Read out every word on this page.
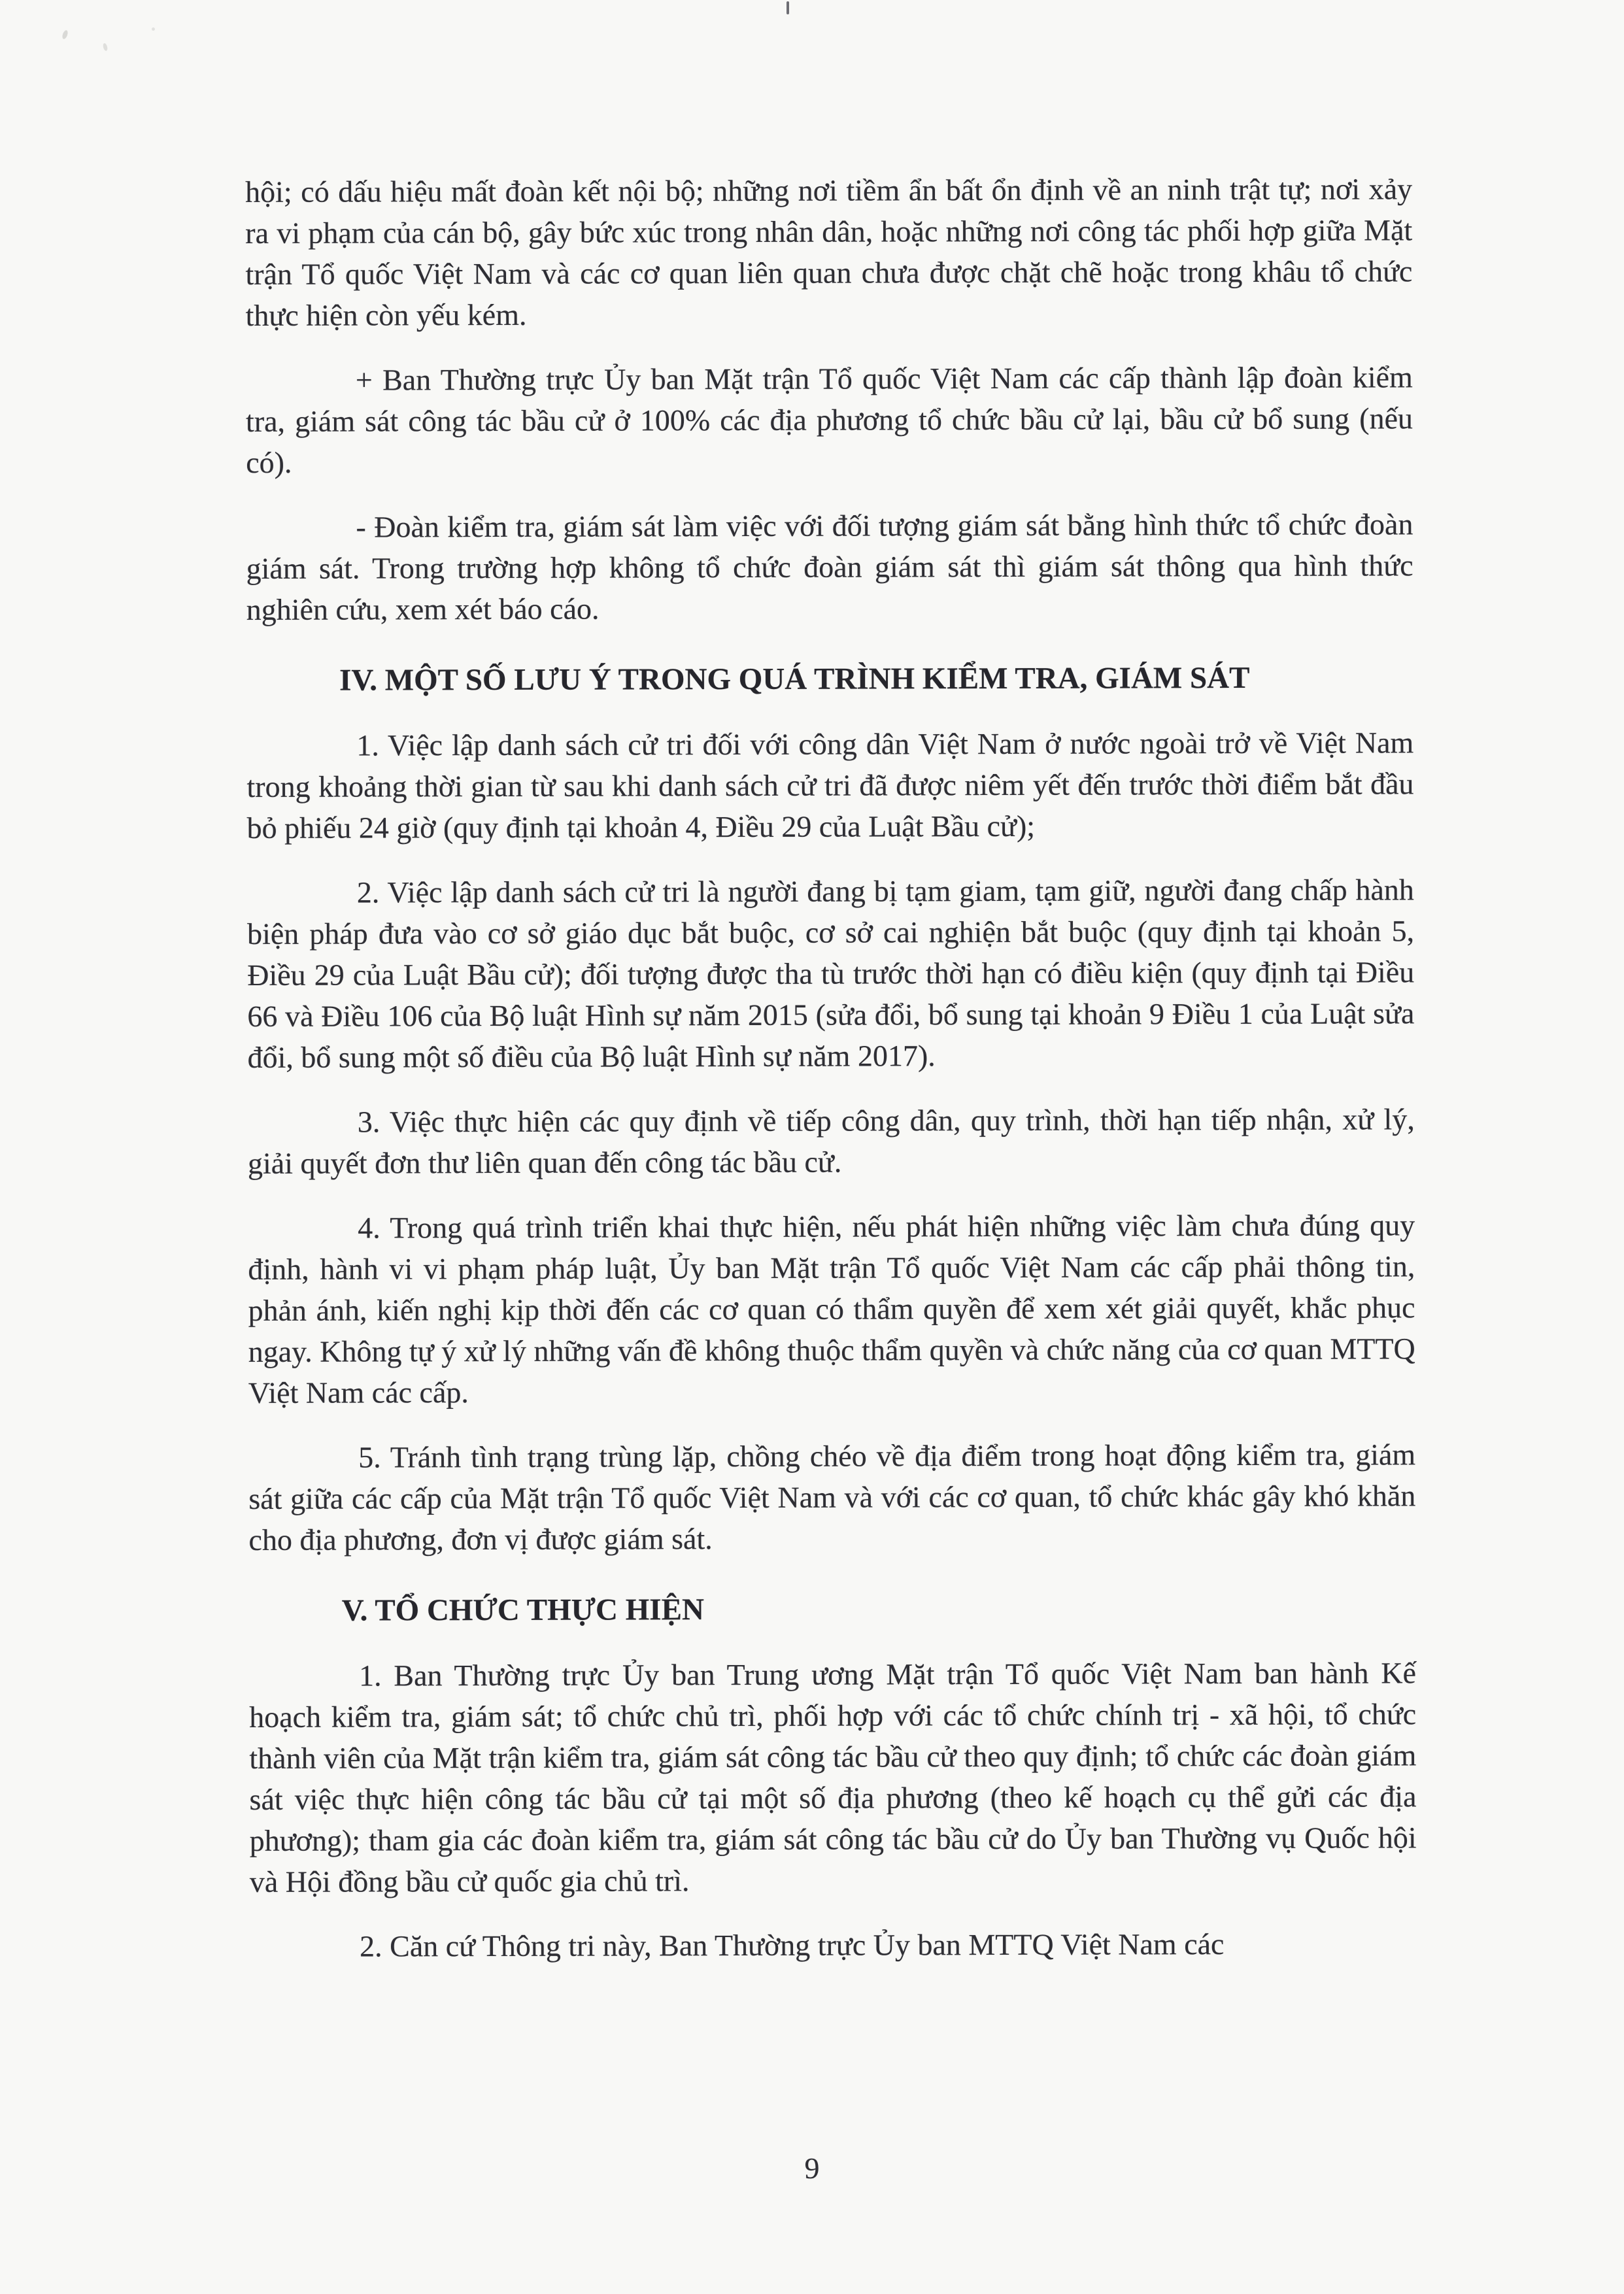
hội; có dấu hiệu mất đoàn kết nội bộ; những nơi tiềm ẩn bất ổn định về an ninh trật tự; nơi xảy ra vi phạm của cán bộ, gây bức xúc trong nhân dân, hoặc những nơi công tác phối hợp giữa Mặt trận Tổ quốc Việt Nam và các cơ quan liên quan chưa được chặt chẽ hoặc trong khâu tổ chức thực hiện còn yếu kém.

+ Ban Thường trực Ủy ban Mặt trận Tổ quốc Việt Nam các cấp thành lập đoàn kiểm tra, giám sát công tác bầu cử ở 100% các địa phương tổ chức bầu cử lại, bầu cử bổ sung (nếu có).

- Đoàn kiểm tra, giám sát làm việc với đối tượng giám sát bằng hình thức tổ chức đoàn giám sát. Trong trường hợp không tổ chức đoàn giám sát thì giám sát thông qua hình thức nghiên cứu, xem xét báo cáo.

IV. MỘT SỐ LƯU Ý TRONG QUÁ TRÌNH KIỂM TRA, GIÁM SÁT

1. Việc lập danh sách cử tri đối với công dân Việt Nam ở nước ngoài trở về Việt Nam trong khoảng thời gian từ sau khi danh sách cử tri đã được niêm yết đến trước thời điểm bắt đầu bỏ phiếu 24 giờ (quy định tại khoản 4, Điều 29 của Luật Bầu cử);

2. Việc lập danh sách cử tri là người đang bị tạm giam, tạm giữ, người đang chấp hành biện pháp đưa vào cơ sở giáo dục bắt buộc, cơ sở cai nghiện bắt buộc (quy định tại khoản 5, Điều 29 của Luật Bầu cử); đối tượng được tha tù trước thời hạn có điều kiện (quy định tại Điều 66 và Điều 106 của Bộ luật Hình sự năm 2015 (sửa đổi, bổ sung tại khoản 9 Điều 1 của Luật sửa đổi, bổ sung một số điều của Bộ luật Hình sự năm 2017).

3. Việc thực hiện các quy định về tiếp công dân, quy trình, thời hạn tiếp nhận, xử lý, giải quyết đơn thư liên quan đến công tác bầu cử.

4. Trong quá trình triển khai thực hiện, nếu phát hiện những việc làm chưa đúng quy định, hành vi vi phạm pháp luật, Ủy ban Mặt trận Tổ quốc Việt Nam các cấp phải thông tin, phản ánh, kiến nghị kịp thời đến các cơ quan có thẩm quyền để xem xét giải quyết, khắc phục ngay. Không tự ý xử lý những vấn đề không thuộc thẩm quyền và chức năng của cơ quan MTTQ Việt Nam các cấp.

5. Tránh tình trạng trùng lặp, chồng chéo về địa điểm trong hoạt động kiểm tra, giám sát giữa các cấp của Mặt trận Tổ quốc Việt Nam và với các cơ quan, tổ chức khác gây khó khăn cho địa phương, đơn vị được giám sát.

V. TỔ CHỨC THỰC HIỆN

1. Ban Thường trực Ủy ban Trung ương Mặt trận Tổ quốc Việt Nam ban hành Kế hoạch kiểm tra, giám sát; tổ chức chủ trì, phối hợp với các tổ chức chính trị - xã hội, tổ chức thành viên của Mặt trận kiểm tra, giám sát công tác bầu cử theo quy định; tổ chức các đoàn giám sát việc thực hiện công tác bầu cử tại một số địa phương (theo kế hoạch cụ thể gửi các địa phương); tham gia các đoàn kiểm tra, giám sát công tác bầu cử do Ủy ban Thường vụ Quốc hội và Hội đồng bầu cử quốc gia chủ trì.

2. Căn cứ Thông tri này, Ban Thường trực Ủy ban MTTQ Việt Nam các

9
